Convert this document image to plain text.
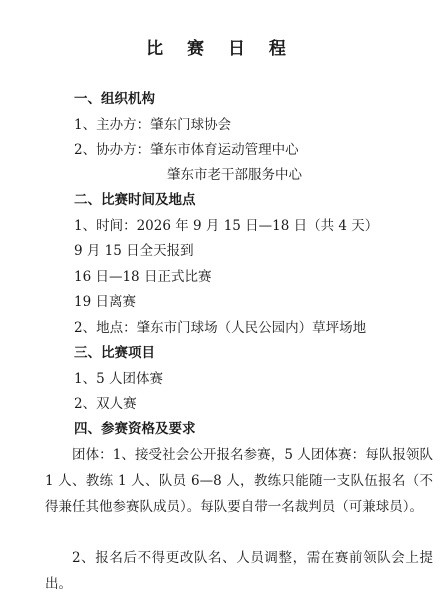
比 赛 日 程
一、组织机构
1、主办方：肇东门球协会
2、协办方：肇东市体育运动管理中心
肇东市老干部服务中心
二、比赛时间及地点
1、时间：2026 年 9 月 15 日—18 日（共 4 天）
9 月 15 日全天报到
16 日—18 日正式比赛
19 日离赛
2、地点：肇东市门球场（人民公园内）草坪场地
三、比赛项目
1、5 人团体赛
2、双人赛
四、参赛资格及要求
团体：1、接受社会公开报名参赛，5 人团体赛：每队报领队 1 人、教练 1 人、队员 6—8 人，教练只能随一支队伍报名（不得兼任其他参赛队成员）。每队要自带一名裁判员（可兼球员）。
2、报名后不得更改队名、人员调整，需在赛前领队会上提出。
